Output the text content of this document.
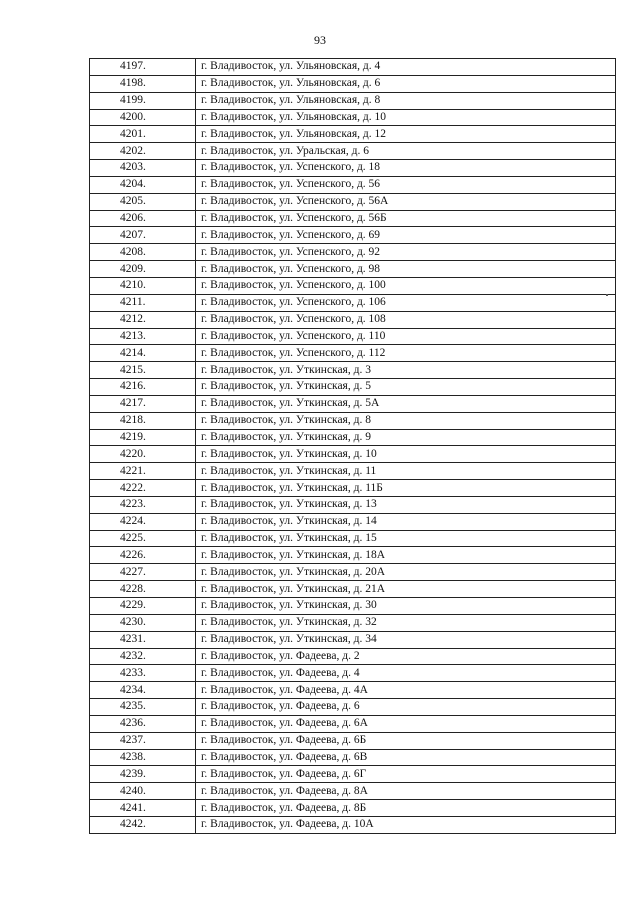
93
4197.	г. Владивосток, ул. Ульяновская, д. 4
4198.	г. Владивосток, ул. Ульяновская, д. 6
4199.	г. Владивосток, ул. Ульяновская, д. 8
4200.	г. Владивосток, ул. Ульяновская, д. 10
4201.	г. Владивосток, ул. Ульяновская, д. 12
4202.	г. Владивосток, ул. Уральская, д. 6
4203.	г. Владивосток, ул. Успенского, д. 18
4204.	г. Владивосток, ул. Успенского, д. 56
4205.	г. Владивосток, ул. Успенского, д. 56А
4206.	г. Владивосток, ул. Успенского, д. 56Б
4207.	г. Владивосток, ул. Успенского, д. 69
4208.	г. Владивосток, ул. Успенского, д. 92
4209.	г. Владивосток, ул. Успенского, д. 98
4210.	г. Владивосток, ул. Успенского, д. 100
4211.	г. Владивосток, ул. Успенского, д. 106
4212.	г. Владивосток, ул. Успенского, д. 108
4213.	г. Владивосток, ул. Успенского, д. 110
4214.	г. Владивосток, ул. Успенского, д. 112
4215.	г. Владивосток, ул. Уткинская, д. 3
4216.	г. Владивосток, ул. Уткинская, д. 5
4217.	г. Владивосток, ул. Уткинская, д. 5А
4218.	г. Владивосток, ул. Уткинская, д. 8
4219.	г. Владивосток, ул. Уткинская, д. 9
4220.	г. Владивосток, ул. Уткинская, д. 10
4221.	г. Владивосток, ул. Уткинская, д. 11
4222.	г. Владивосток, ул. Уткинская, д. 11Б
4223.	г. Владивосток, ул. Уткинская, д. 13
4224.	г. Владивосток, ул. Уткинская, д. 14
4225.	г. Владивосток, ул. Уткинская, д. 15
4226.	г. Владивосток, ул. Уткинская, д. 18А
4227.	г. Владивосток, ул. Уткинская, д. 20А
4228.	г. Владивосток, ул. Уткинская, д. 21А
4229.	г. Владивосток, ул. Уткинская, д. 30
4230.	г. Владивосток, ул. Уткинская, д. 32
4231.	г. Владивосток, ул. Уткинская, д. 34
4232.	г. Владивосток, ул. Фадеева, д. 2
4233.	г. Владивосток, ул. Фадеева, д. 4
4234.	г. Владивосток, ул. Фадеева, д. 4А
4235.	г. Владивосток, ул. Фадеева, д. 6
4236.	г. Владивосток, ул. Фадеева, д. 6А
4237.	г. Владивосток, ул. Фадеева, д. 6Б
4238.	г. Владивосток, ул. Фадеева, д. 6В
4239.	г. Владивосток, ул. Фадеева, д. 6Г
4240.	г. Владивосток, ул. Фадеева, д. 8А
4241.	г. Владивосток, ул. Фадеева, д. 8Б
4242.	г. Владивосток, ул. Фадеева, д. 10А
